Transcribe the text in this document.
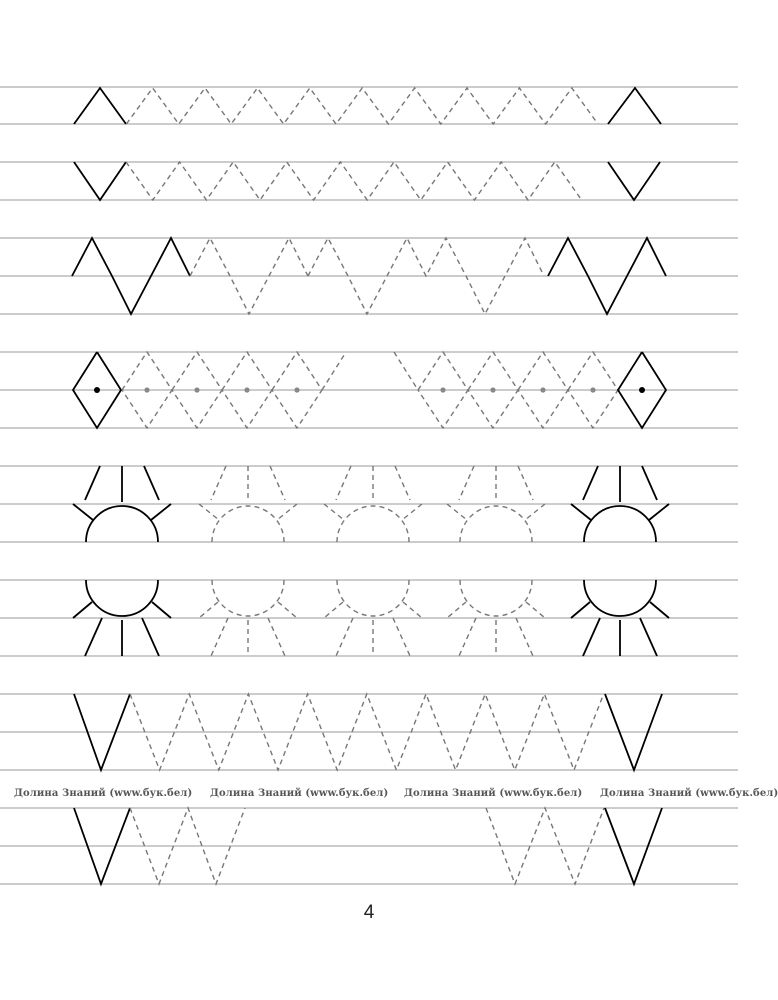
Долина Знаний (www.бук.бел) Долина Знаний (www.бук.бел) Долина Знаний (www.бук.бел) Долина Знаний (www.бук.бел)
4
